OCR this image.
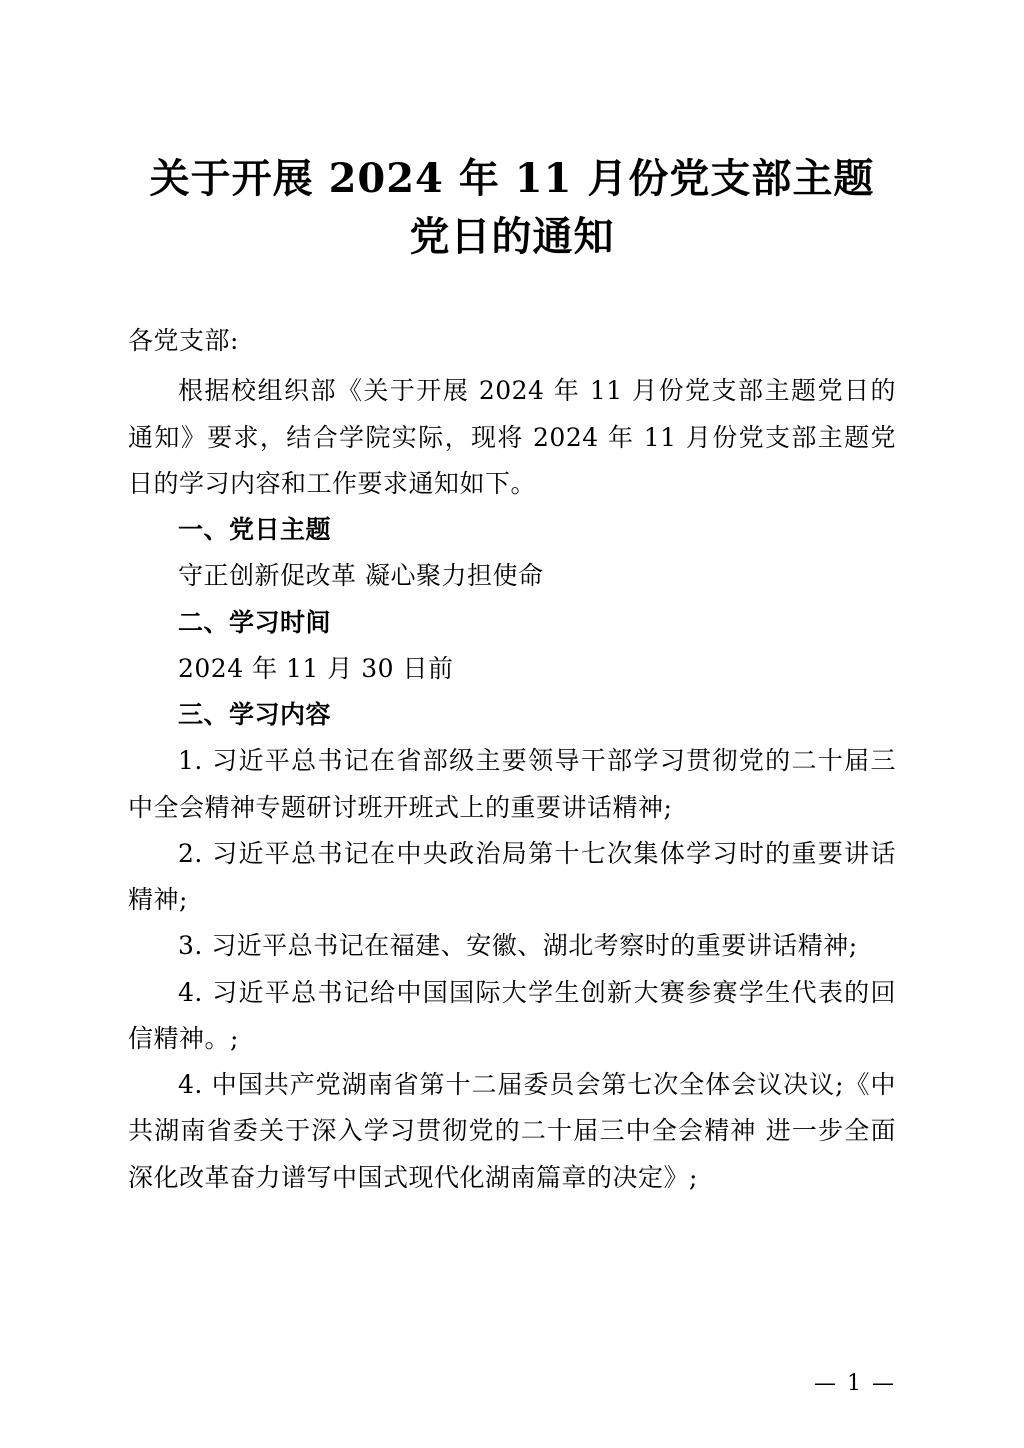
关于开展 2024 年 11 月份党支部主题党日的通知
各党支部:

根据校组织部《关于开展 2024 年 11 月份党支部主题党日的通知》要求，结合学院实际，现将 2024 年 11 月份党支部主题党日的学习内容和工作要求通知如下。

一、党日主题

守正创新促改革 凝心聚力担使命

二、学习时间

2024 年 11 月 30 日前

三、学习内容

1. 习近平总书记在省部级主要领导干部学习贯彻党的二十届三中全会精神专题研讨班开班式上的重要讲话精神;

2. 习近平总书记在中央政治局第十七次集体学习时的重要讲话精神;

3. 习近平总书记在福建、安徽、湖北考察时的重要讲话精神;

4. 习近平总书记给中国国际大学生创新大赛参赛学生代表的回信精神。;

4. 中国共产党湖南省第十二届委员会第七次全体会议决议;《中共湖南省委关于深入学习贯彻党的二十届三中全会精神 进一步全面深化改革奋力谱写中国式现代化湖南篇章的决定》;

— 1 —
